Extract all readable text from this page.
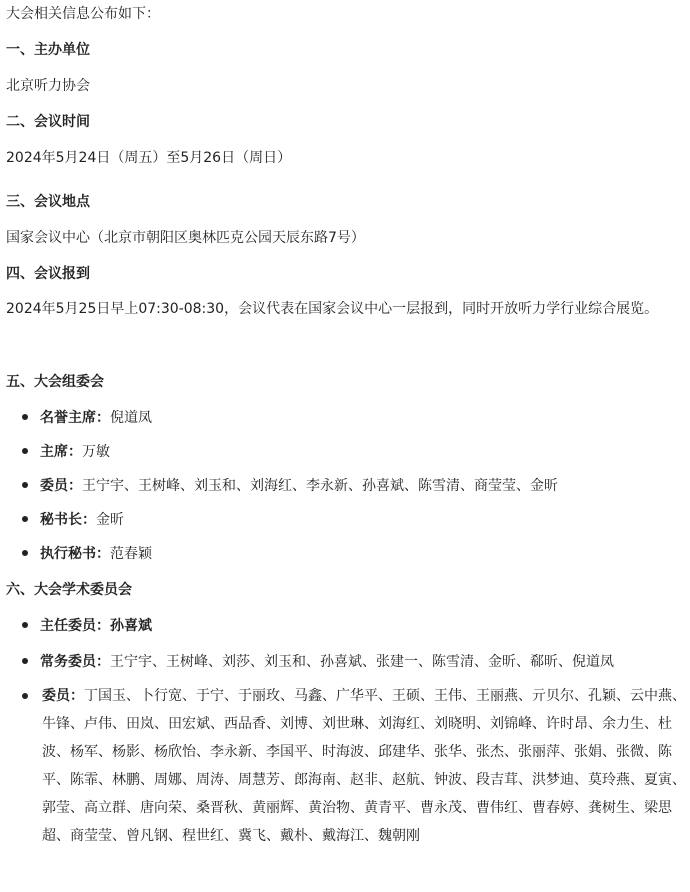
大会相关信息公布如下：
一、主办单位
北京听力协会
二、会议时间
2024年5月24日（周五）至5月26日（周日）
三、会议地点
国家会议中心（北京市朝阳区奥林匹克公园天辰东路7号）
四、会议报到
2024年5月25日早上07:30-08:30，会议代表在国家会议中心一层报到，同时开放听力学行业综合展览。
五、大会组委会
名誉主席：倪道凤
主席：万敏
委员：王宁宇、王树峰、刘玉和、刘海红、李永新、孙喜斌、陈雪清、商莹莹、金昕
秘书长：金昕
执行秘书：范春颖
六、大会学术委员会
主任委员：孙喜斌
常务委员：王宁宇、王树峰、刘莎、刘玉和、孙喜斌、张建一、陈雪清、金昕、郗昕、倪道凤
委员：丁国玉、卜行宽、于宁、于丽玫、马鑫、广华平、王硕、王伟、王丽燕、亓贝尔、孔颖、云中燕、牛锋、卢伟、田岚、田宏斌、西品香、刘博、刘世琳、刘海红、刘晓明、刘锦峰、许时昂、余力生、杜波、杨军、杨影、杨欣怡、李永新、李国平、时海波、邱建华、张华、张杰、张丽萍、张娟、张微、陈平、陈霏、林鹏、周娜、周涛、周慧芳、郎海南、赵非、赵航、钟波、段吉茸、洪梦迪、莫玲燕、夏寅、郭莹、高立群、唐向荣、桑晋秋、黄丽辉、黄治物、黄青平、曹永茂、曹伟红、曹春婷、龚树生、梁思超、商莹莹、曾凡钢、程世红、冀飞、戴朴、戴海江、魏朝刚
